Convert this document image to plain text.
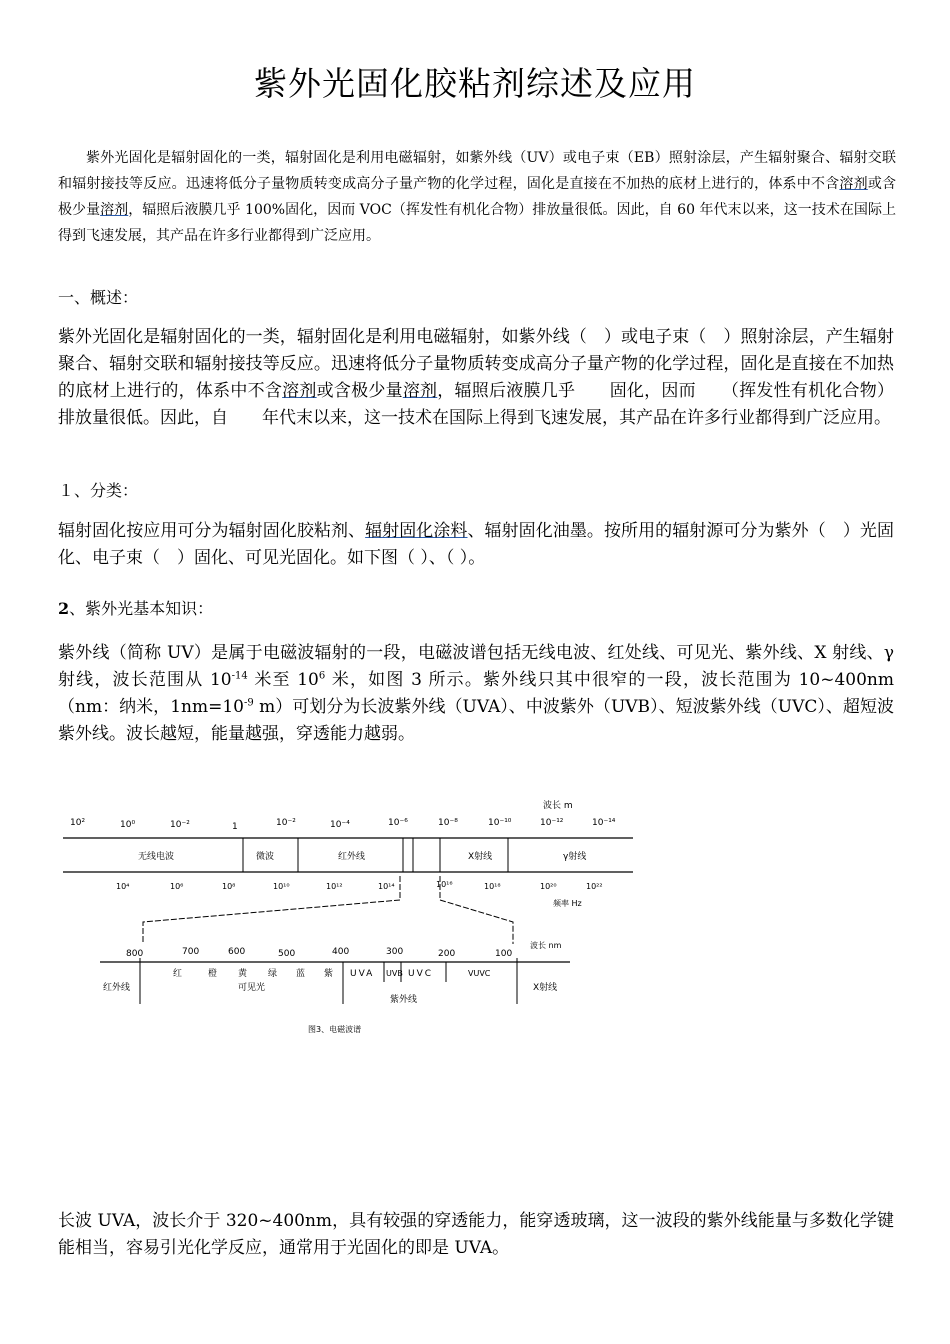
紫外光固化胶粘剂综述及应用

紫外光固化是辐射固化的一类，辐射固化是利用电磁辐射，如紫外线（UV）或电子束（EB）照射涂层，产生辐射聚合、辐射交联和辐射接技等反应。迅速将低分子量物质转变成高分子量产物的化学过程，固化是直接在不加热的底材上进行的，体系中不含溶剂或含极少量溶剂，辐照后液膜几乎 100%固化，因而 VOC（挥发性有机化合物）排放量很低。因此，自 60 年代末以来，这一技术在国际上得到飞速发展，其产品在许多行业都得到广泛应用。

一、概述：

紫外光固化是辐射固化的一类，辐射固化是利用电磁辐射，如紫外线（　）或电子束（　）照射涂层，产生辐射聚合、辐射交联和辐射接技等反应。迅速将低分子量物质转变成高分子量产物的化学过程，固化是直接在不加热的底材上进行的，体系中不含溶剂或含极少量溶剂，辐照后液膜几乎　　固化，因而　　（挥发性有机化合物）排放量很低。因此，自　　年代末以来，这一技术在国际上得到飞速发展，其产品在许多行业都得到广泛应用。

１、分类：

辐射固化按应用可分为辐射固化胶粘剂、辐射固化涂料、辐射固化油墨。按所用的辐射源可分为紫外（　）光固化、电子束（　）固化、可见光固化。如下图（ ）、（ ）。

2、紫外光基本知识：

紫外线（简称 UV）是属于电磁波辐射的一段，电磁波谱包括无线电波、红处线、可见光、紫外线、X 射线、γ　射线，波长范围从 $10^{-14}$ 米至 $10^6$ 米，如图 3 所示。紫外线只其中很窄的一段，波长范围为 10~400nm（nm：纳米，$1nm=10^{-9}$ m）可划分为长波紫外线（UVA）、中波紫外（UVB）、短波紫外线（UVC）、超短波紫外线。波长越短，能量越强，穿透能力越弱。

波长 m
10²	10⁰	10⁻²	1	10⁻²	10⁻⁴	10⁻⁶	10⁻⁸	10⁻¹⁰	10⁻¹²	10⁻¹⁴
无线电波	微波	红外线	X射线	γ射线
10⁴	10⁶	10⁸	10¹⁰	10¹²	10¹⁴	10¹⁶	10¹⁸	10²⁰	10²²
频率 Hz
800	700	600	500	400	300	200	100
波长 nm
红	橙 黄 绿 蓝 紫 UVA UVB UVC	VUVC
红外线	可见光
紫外线
X射线
图3、电磁波谱

长波 UVA，波长介于 320~400nm，具有较强的穿透能力，能穿透玻璃，这一波段的紫外线能量与多数化学键能相当，容易引光化学反应，通常用于光固化的即是 UVA。
